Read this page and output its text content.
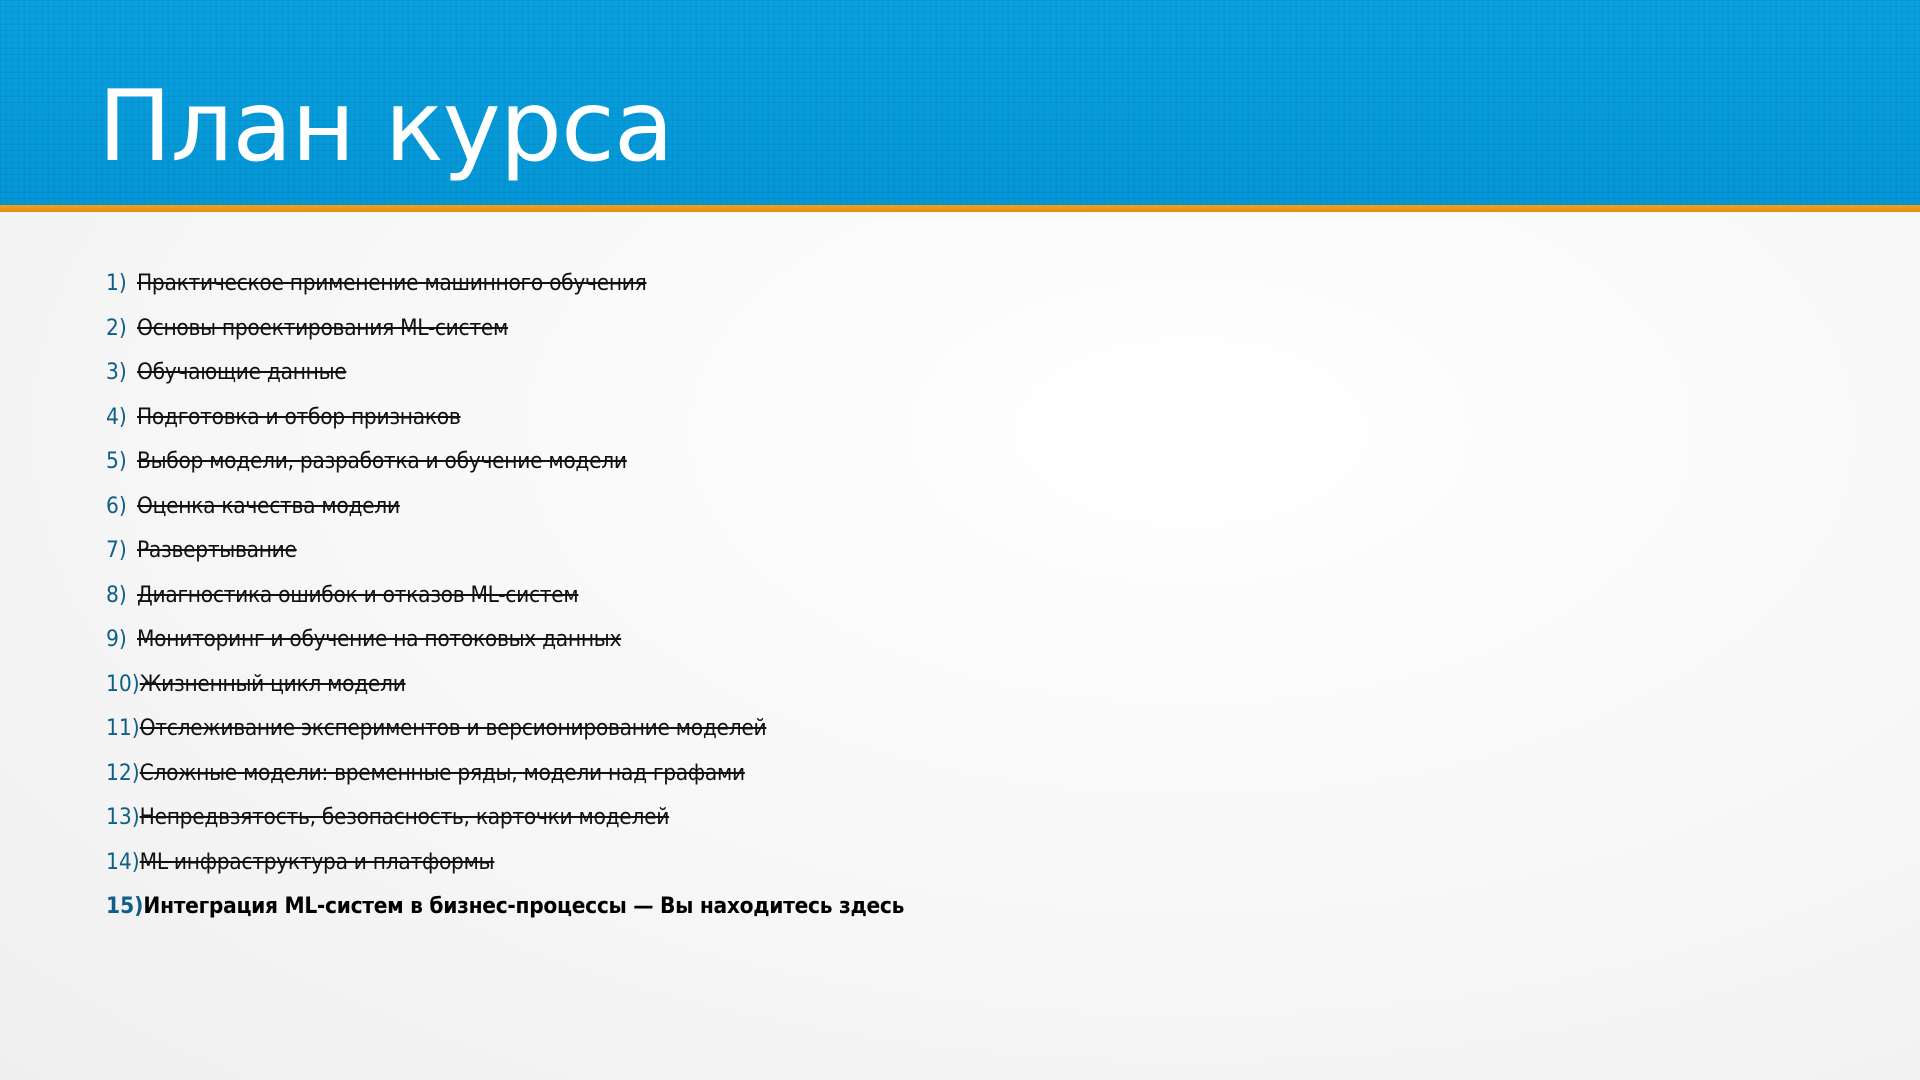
План курса
1) Практическое применение машинного обучения
2) Основы проектирования ML-систем
3) Обучающие данные
4) Подготовка и отбор признаков
5) Выбор модели, разработка и обучение модели
6) Оценка качества модели
7) Развертывание
8) Диагностика ошибок и отказов ML-систем
9) Мониторинг и обучение на потоковых данных
10) Жизненный цикл модели
11) Отслеживание экспериментов и версионирование моделей
12) Сложные модели: временные ряды, модели над графами
13) Непредвзятость, безопасность, карточки моделей
14) ML инфраструктура и платформы
15) Интеграция ML-систем в бизнес-процессы — Вы находитесь здесь
